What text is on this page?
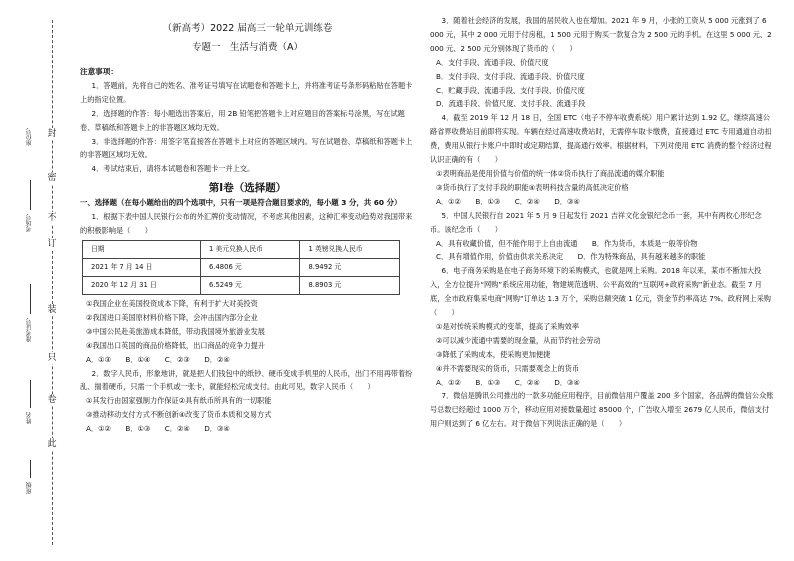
封
密
不
订
装
只
卷
此
班级
姓名
准考证号
考场号
座位号
（新高考）2022 届高三一轮单元训练卷
专题一　生活与消费（A）
注意事项：

1．答题前，先将自己的姓名、准考证号填写在试题卷和答题卡上，并将准考证号条形码粘贴在答题卡上的指定位置。

2．选择题的作答：每小题选出答案后，用 2B 铅笔把答题卡上对应题目的答案标号涂黑，写在试题卷、草稿纸和答题卡上的非答题区域均无效。

3．非选择题的作答：用签字笔直接答在答题卡上对应的答题区域内。写在试题卷、草稿纸和答题卡上的非答题区域均无效。

4．考试结束后，请将本试题卷和答题卡一并上交。

第Ⅰ卷（选择题）
一、选择题（在每小题给出的四个选项中，只有一项是符合题目要求的，每小题 3 分，共 60 分）

1．根据下表中国人民银行公布的外汇牌价变动情况，不考虑其他因素，这种汇率变动趋势对我国带来的积极影响是（　　）

日期	1 美元兑换人民币	1 英镑兑换人民币
2021 年 7 月 14 日	6.4806 元	8.9492 元
2020 年 12 月 31 日	6.5249 元	8.8903 元

①我国企业在美国投资成本下降，有利于扩大对美投资

②我国进口美国原材料价格下降，会冲击国内部分企业

③中国公民赴美旅游成本降低，带动我国境外旅游业发展

④我国出口英国的商品价格降低，出口商品的竞争力提升

A．①③　　B．①④　　C．②③　　D．②④

2．数字人民币，形象地讲，就是把人们钱包中的纸钞、硬币变成手机里的人民币，出门不用再带着纷乱、揣着硬币，只需一个手机或一张卡，就能轻松完成支付。由此可见，数字人民币（　　）

①其发行由国家强制力作保证②具有纸币所具有的一切职能

③推动移动支付方式不断创新④改变了货币本质和交易方式

A．①②　　B．①③　　C．②④　　D．③④

3．随着社会经济的发展，我国的居民收入也在增加。2021 年 9 月，小张的工资从 5 000 元涨到了 6 000 元，其中 2 000 元用于付房租，1 500 元用于购买一款复合为 2 500 元的手机。在这里 5 000 元、2 000 元、2 500 元分别体现了货币的（　　）

A．支付手段、流通手段、价值尺度

B．支付手段、支付手段、流通手段、价值尺度

C．贮藏手段、流通手段、支付手段、价值尺度

D．流通手段、价值尺度、支付手段、流通手段

4．截至 2019 年 12 月 18 日，全国 ETC（电子不停车收费系统）用户累计达到 1.92 亿，继续高速公路省界收费站目前即将实现。车辆在经过高速收费站时，无需停车取卡缴费，直接通过 ETC 专用通道自动扣费，费用从银行卡账户中即时或定期结算，提高通行效率。根据材料，下列对使用 ETC 消费的整个经济过程认识正确的有（　　）

①表明商品是使用价值与价值的统一体②货币执行了商品流通的媒介职能

③货币执行了支付手段的职能④表明科技含量的高低决定价格

A．①②　　B．①③　　C．②④　　D．③④

5．中国人民银行自 2021 年 5 月 9 日起发行 2021 吉祥文化金银纪念币一套，其中有两枚心形纪念币。该纪念币（　　）

A．具有收藏价值，但不能作用于上自由流通　　B．作为货币，本质是一般等价物

C．具有增值作用，价值由供求关系决定　　D．作为特殊商品，具有越来越多的职能

6．电子商务采购是在电子商务环境下的采购模式，也就是网上采购。2018 年以来，某市不断加大投入，全方位提升“网购”系统应用功能，物建规范透明、公平高效的“互联网+政府采购”新业态。截至 7 月底，全市政府集采电商“网购”订单达 1.3 万个，采购总额突破 1 亿元，资金节约率高达 7%。政府网上采购（　　）

①是对传统采购模式的变革，提高了采购效率

②可以减少流通中需要的现金量，从而节约社会劳动

③降低了采购成本，使采购更加便捷

④并不需要现实的货币，只需要观念上的货币

A．①②　　B．①③　　C．②④　　D．③④

7．微信是腾讯公司推出的一款多功能应用程序，目前微信用户覆盖 200 多个国家，各品牌的微信公众账号总数已经超过 1000 万个，移动应用对接数量超过 85000 个，广告收入增至 2679 亿人民币，微信支付用户则达到了 6 亿左右。对于微信下列说法正确的是（　　）
